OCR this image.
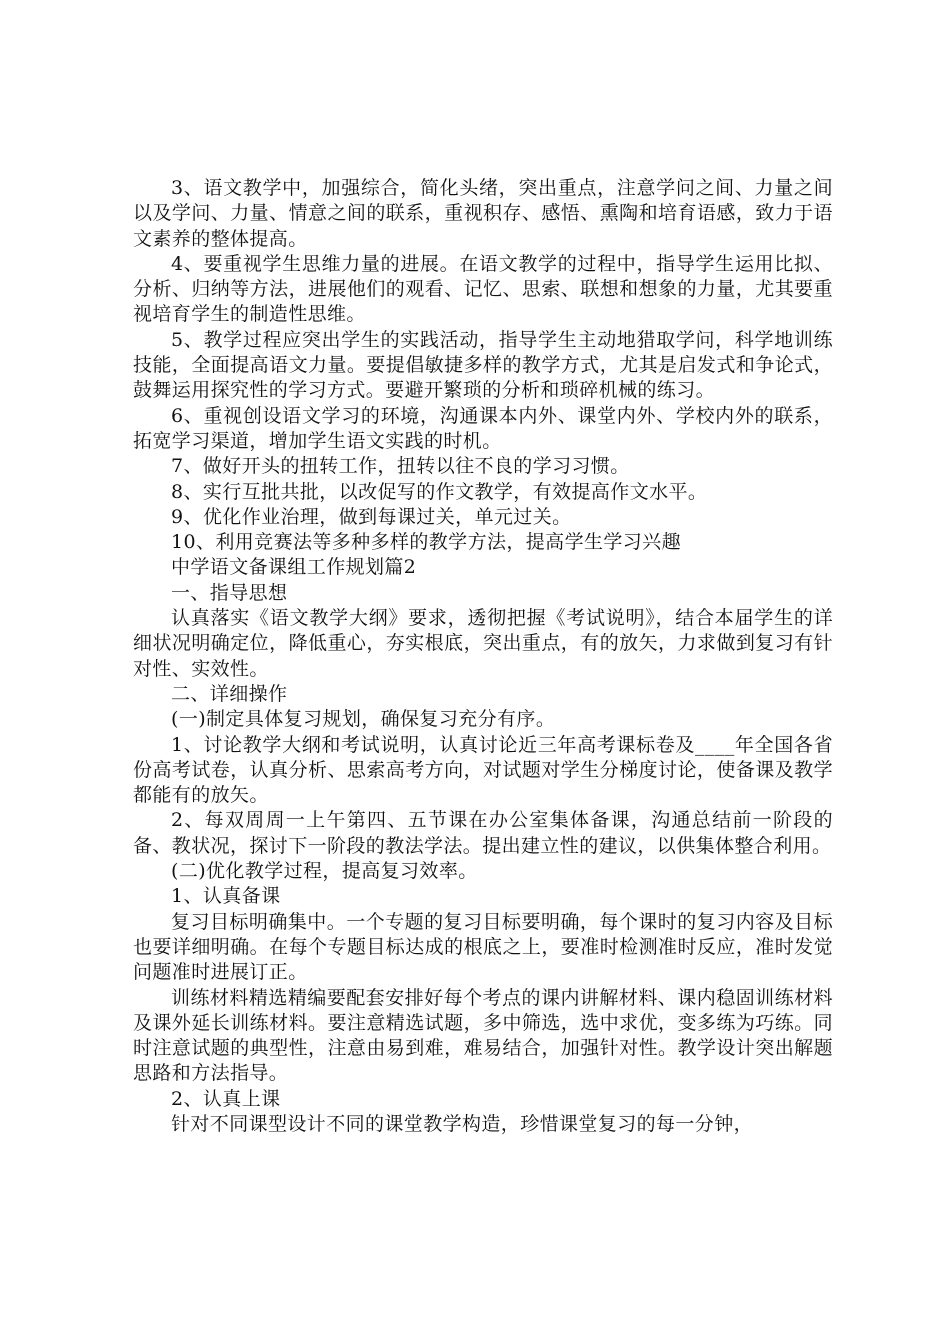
3、语文教学中，加强综合，简化头绪，突出重点，注意学问之间、力量之间以及学问、力量、情意之间的联系，重视积存、感悟、熏陶和培育语感，致力于语文素养的整体提高。

4、要重视学生思维力量的进展。在语文教学的过程中，指导学生运用比拟、分析、归纳等方法，进展他们的观看、记忆、思索、联想和想象的力量，尤其要重视培育学生的制造性思维。

5、教学过程应突出学生的实践活动，指导学生主动地猎取学问，科学地训练技能，全面提高语文力量。要提倡敏捷多样的教学方式，尤其是启发式和争论式，鼓舞运用探究性的学习方式。要避开繁琐的分析和琐碎机械的练习。

6、重视创设语文学习的环境，沟通课本内外、课堂内外、学校内外的联系，拓宽学习渠道，增加学生语文实践的时机。

7、做好开头的扭转工作，扭转以往不良的学习习惯。

8、实行互批共批，以改促写的作文教学，有效提高作文水平。

9、优化作业治理，做到每课过关，单元过关。

10、利用竞赛法等多种多样的教学方法，提高学生学习兴趣

中学语文备课组工作规划篇2

一、指导思想

认真落实《语文教学大纲》要求，透彻把握《考试说明》，结合本届学生的详细状况明确定位，降低重心，夯实根底，突出重点，有的放矢，力求做到复习有针对性、实效性。

二、详细操作

(一)制定具体复习规划，确保复习充分有序。

1、讨论教学大纲和考试说明，认真讨论近三年高考课标卷及____年全国各省份高考试卷，认真分析、思索高考方向，对试题对学生分梯度讨论，使备课及教学都能有的放矢。

2、每双周周一上午第四、五节课在办公室集体备课，沟通总结前一阶段的备、教状况，探讨下一阶段的教法学法。提出建立性的建议，以供集体整合利用。

(二)优化教学过程，提高复习效率。

1、认真备课

复习目标明确集中。一个专题的复习目标要明确，每个课时的复习内容及目标也要详细明确。在每个专题目标达成的根底之上，要准时检测准时反应，准时发觉问题准时进展订正。

训练材料精选精编要配套安排好每个考点的课内讲解材料、课内稳固训练材料及课外延长训练材料。要注意精选试题，多中筛选，选中求优，变多练为巧练。同时注意试题的典型性，注意由易到难，难易结合，加强针对性。教学设计突出解题思路和方法指导。

2、认真上课

针对不同课型设计不同的课堂教学构造，珍惜课堂复习的每一分钟，
